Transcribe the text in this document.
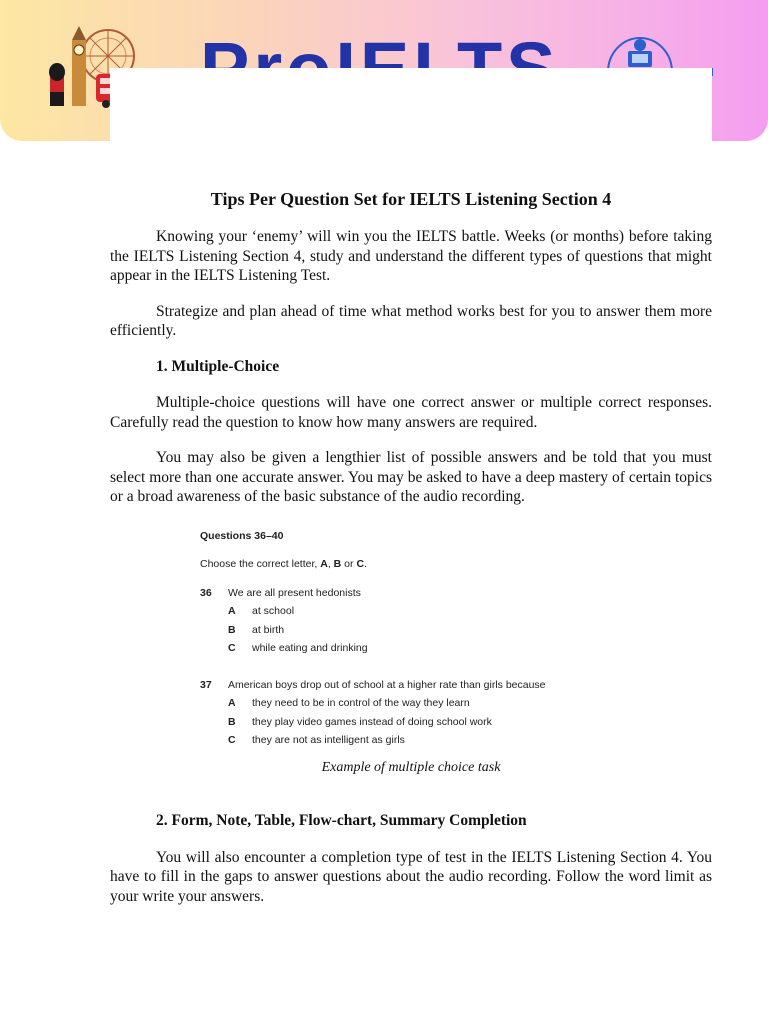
Tips Per Question Set for IELTS Listening Section 4

Knowing your ‘enemy’ will win you the IELTS battle. Weeks (or months) before taking the IELTS Listening Section 4, study and understand the different types of questions that might appear in the IELTS Listening Test.

Strategize and plan ahead of time what method works best for you to answer them more efficiently.

1. Multiple-Choice

Multiple-choice questions will have one correct answer or multiple correct responses. Carefully read the question to know how many answers are required.

You may also be given a lengthier list of possible answers and be told that you must select more than one accurate answer. You may be asked to have a deep mastery of certain topics or a broad awareness of the basic substance of the audio recording.

Questions 36–40
Choose the correct letter, A, B or C.
36	We are all present hedonists
A	at school
B	at birth
C	while eating and drinking
37	American boys drop out of school at a higher rate than girls because
A	they need to be in control of the way they learn
B	they play video games instead of doing school work
C	they are not as intelligent as girls
Example of multiple choice task
2. Form, Note, Table, Flow-chart, Summary Completion

You will also encounter a completion type of test in the IELTS Listening Section 4. You have to fill in the gaps to answer questions about the audio recording. Follow the word limit as your write your answers.
